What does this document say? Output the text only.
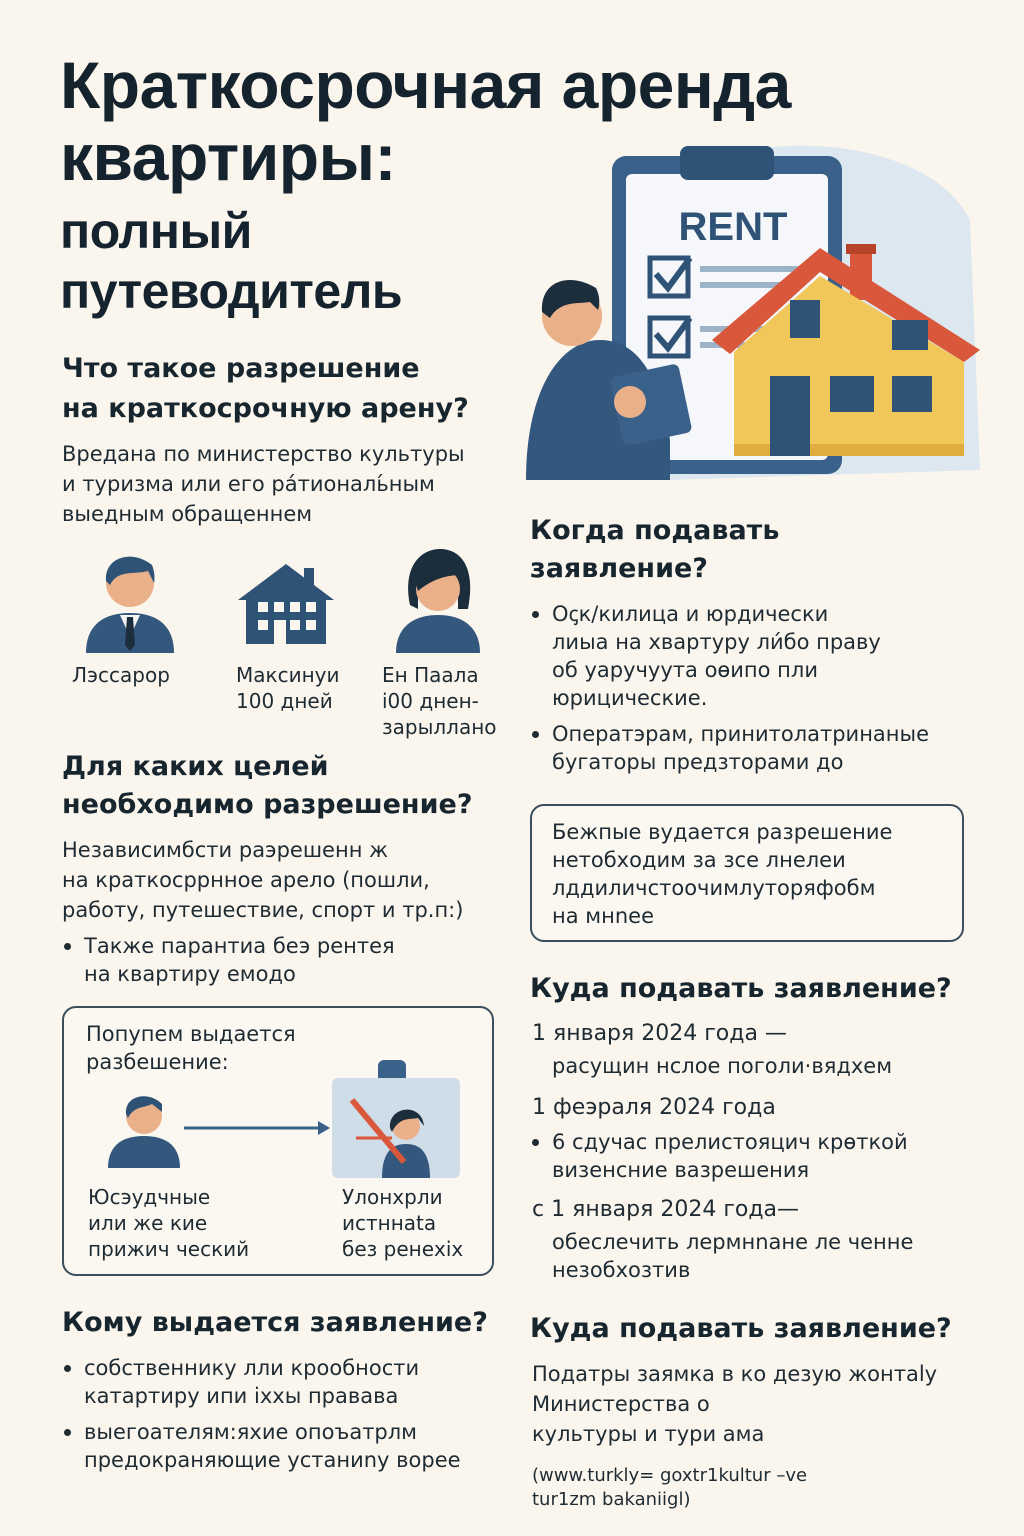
Краткосрочная аренда
квартиры:
полный
путеводитель
RENT
Что такое разрешение
на краткосрочную арену?

Вредана по министерство культуры

и туризма или его ра́тиональ́ным

выедным обращеннем

Лэссарор	Максинуи
100 дней
Ен Паала
i00 днен-
зарыллано
Для каких целей
необходимо разрешение?

Независимбсти раэрешенн ж

на краткосррнное арело (пошли,

работу, путешествие, спорт и тр.п:)

Также парантиа беэ рентея
на квартиру емодо
Попупем выдается
разбешение:
Юсэудчные
или же кие
прижич ческий
Улонхрли
истннаta
без ренехіх
Кому выдается заявление?
собственнику лли крообности
катартиру ипи іххы правава
выегоателям:яхие опоъатрлм
предокраняющие устаниnу ворее
Когда подавать
заявление?
Оꞔк/килица и юрдически
лиыа на хвартуру ли́бо праву
об уаручуута оөипо пли
юрицические.
Оператэрам, принитолатринаные
бугаторы предзторами до
Бежпые вудается разрешение
нетобходим за зсе лнелеи
лддиличстоочимлуторяфобм
на мнnee
Куда подавать заявление?

1 января 2024 года —

расущин нслое поголи·вядхем

1 феэраля 2024 года

6 сдучас прелистояцич крөткой
визенсние вазрешения

с 1 января 2024 года—

обеслечить лермнnане ле ченне

незобхозтив

Куда подавать заявление?

Податры заямка в ко дезую жонтаlу

Министерства о

культуры и тури ама

(www.turkly= goxtr1kultur –ve

tur1zm bakaniigl)
